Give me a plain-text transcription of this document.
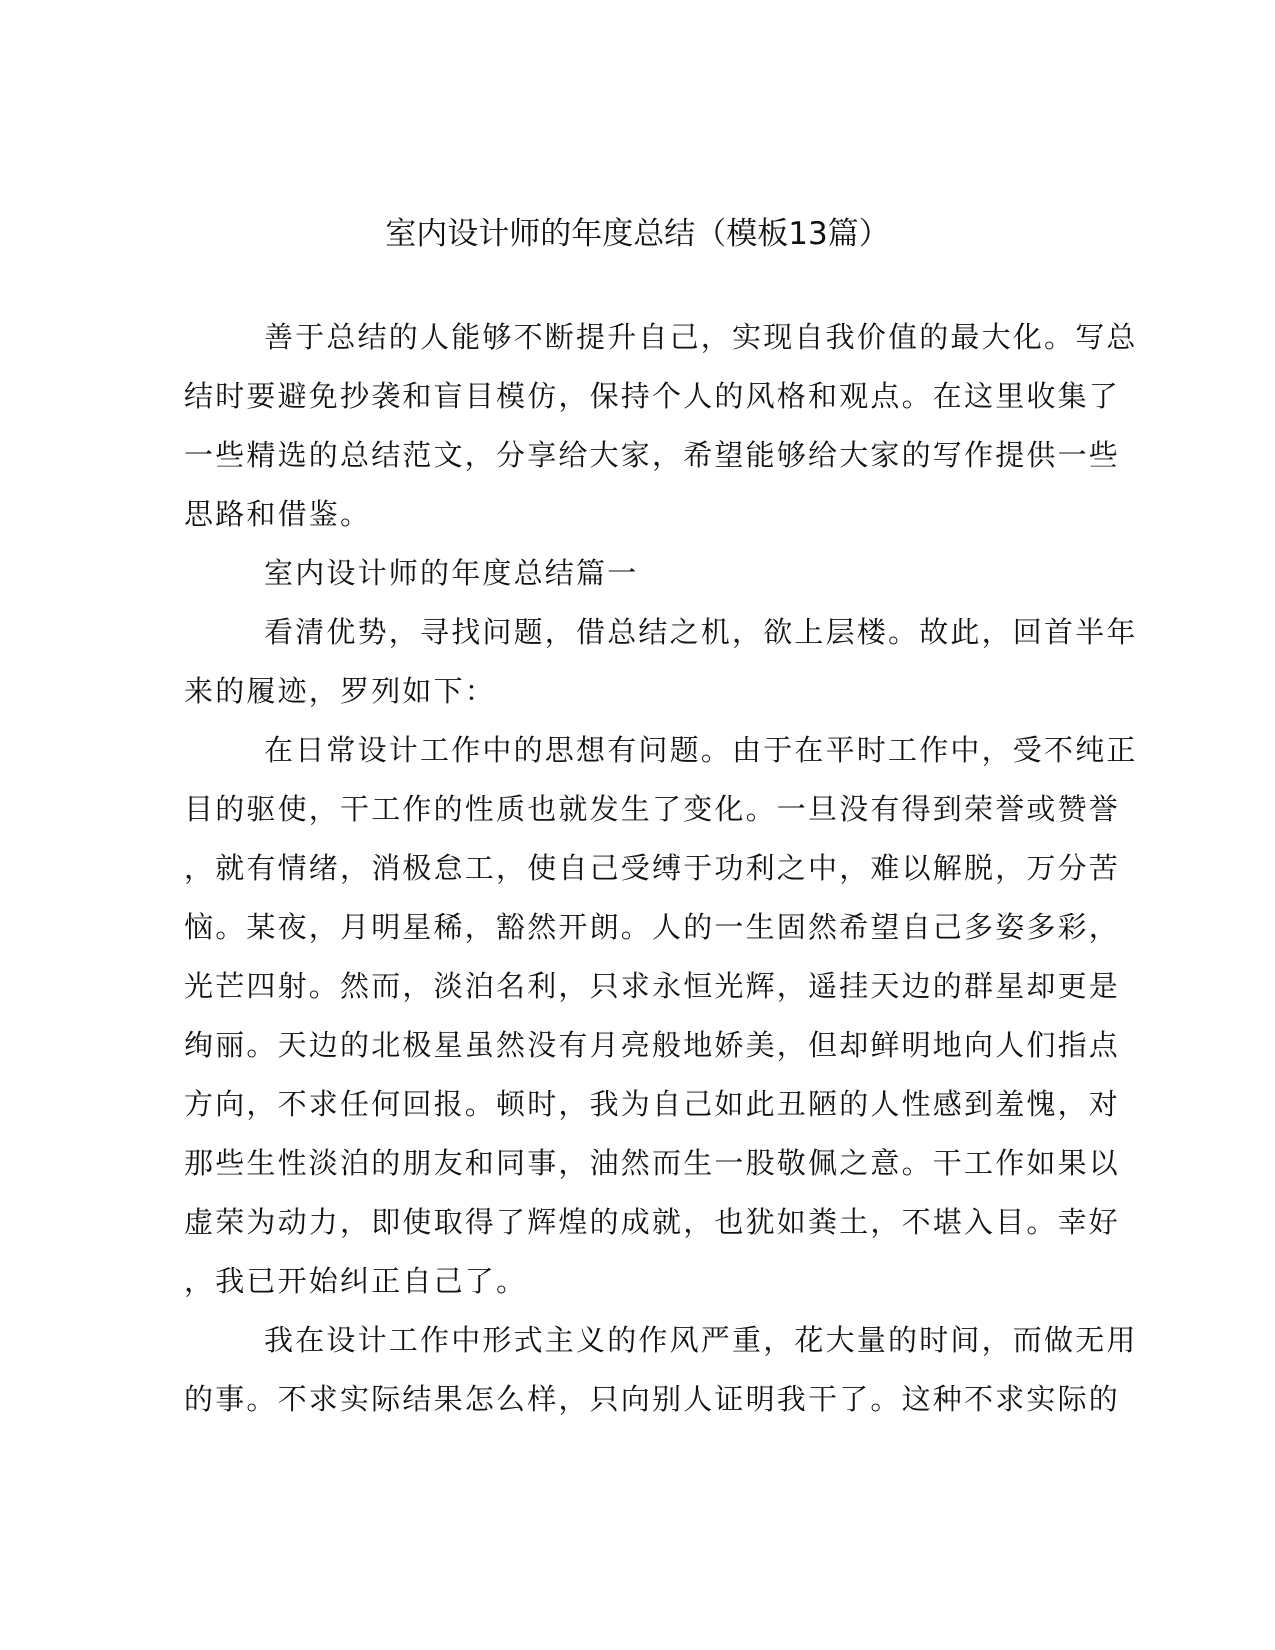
室内设计师的年度总结（模板13篇）

善于总结的人能够不断提升自己，实现自我价值的最大化。写总

结时要避免抄袭和盲目模仿，保持个人的风格和观点。在这里收集了

一些精选的总结范文，分享给大家，希望能够给大家的写作提供一些

思路和借鉴。

室内设计师的年度总结篇一

看清优势，寻找问题，借总结之机，欲上层楼。故此，回首半年

来的履迹，罗列如下：

在日常设计工作中的思想有问题。由于在平时工作中，受不纯正

目的驱使，干工作的性质也就发生了变化。一旦没有得到荣誉或赞誉

，就有情绪，消极怠工，使自己受缚于功利之中，难以解脱，万分苦

恼。某夜，月明星稀，豁然开朗。人的一生固然希望自己多姿多彩，

光芒四射。然而，淡泊名利，只求永恒光辉，遥挂天边的群星却更是

绚丽。天边的北极星虽然没有月亮般地娇美，但却鲜明地向人们指点

方向，不求任何回报。顿时，我为自己如此丑陋的人性感到羞愧，对

那些生性淡泊的朋友和同事，油然而生一股敬佩之意。干工作如果以

虚荣为动力，即使取得了辉煌的成就，也犹如粪土，不堪入目。幸好

，我已开始纠正自己了。

我在设计工作中形式主义的作风严重，花大量的时间，而做无用

的事。不求实际结果怎么样，只向别人证明我干了。这种不求实际的
